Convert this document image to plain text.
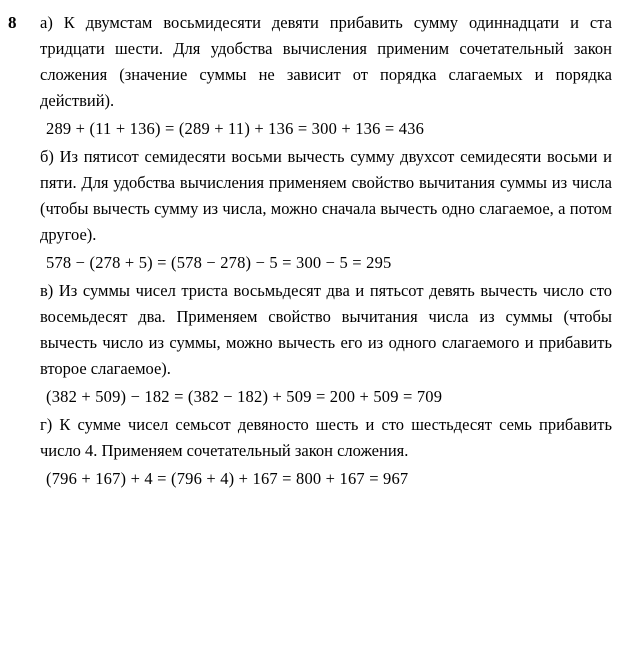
8 а) К двумстам восьмидесяти девяти прибавить сумму одиннадцати и ста тридцати шести. Для удобства вычисления применим сочетательный закон сложения (значение суммы не зависит от порядка слагаемых и порядка действий).

289 + (11 + 136) = (289 + 11) + 136 = 300 + 136 = 436

б) Из пятисот семидесяти восьми вычесть сумму двухсот семидесяти восьми и пяти. Для удобства вычисления применяем свойство вычитания суммы из числа (чтобы вычесть сумму из числа, можно сначала вычесть одно слагаемое, а потом другое).

578 − (278 + 5) = (578 − 278) − 5 = 300 − 5 = 295

в) Из суммы чисел триста восьмьдесят два и пятьсот девять вычесть число сто восемьдесят два. Применяем свойство вычитания числа из суммы (чтобы вычесть число из суммы, можно вычесть его из одного слагаемого и прибавить второе слагаемое).

(382 + 509) − 182 = (382 − 182) + 509 = 200 + 509 = 709

г) К сумме чисел семьсот девяносто шесть и сто шестьдесят семь прибавить число 4. Применяем сочетательный закон сложения.

(796 + 167) + 4 = (796 + 4) + 167 = 800 + 167 = 967
